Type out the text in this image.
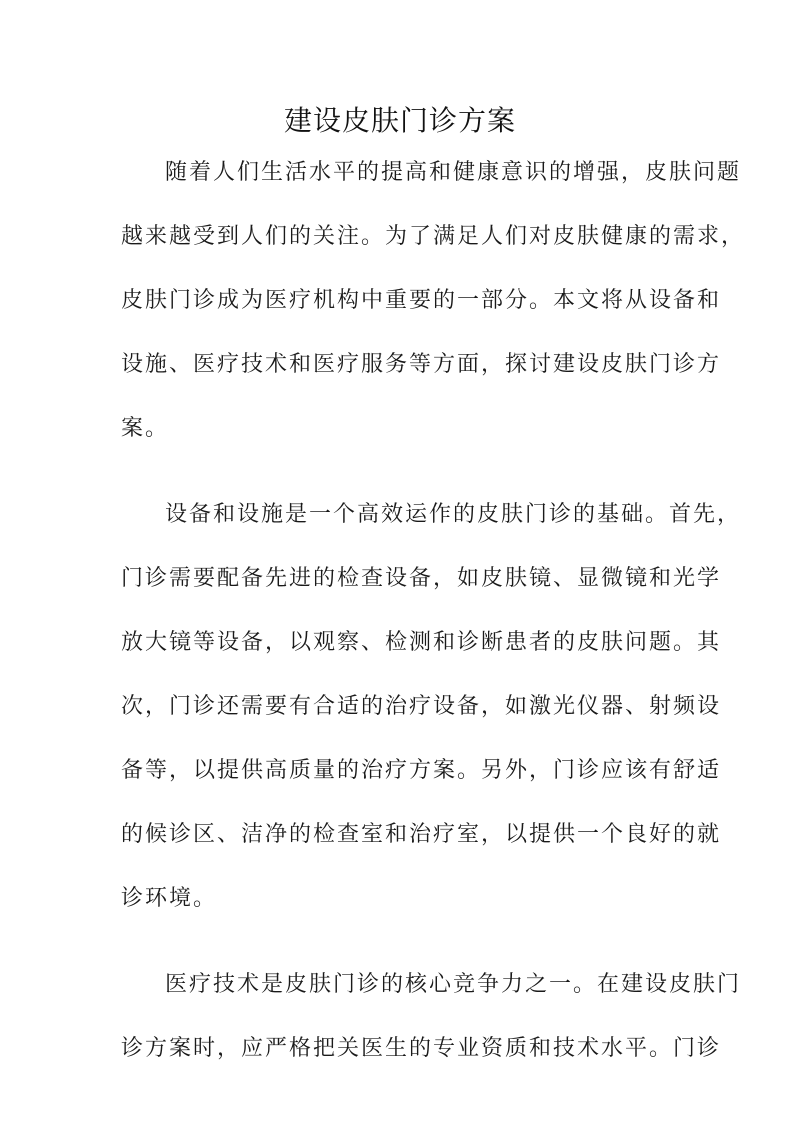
建设皮肤门诊方案
随着人们生活水平的提高和健康意识的增强，皮肤问题
越来越受到人们的关注。为了满足人们对皮肤健康的需求，
皮肤门诊成为医疗机构中重要的一部分。本文将从设备和
设施、医疗技术和医疗服务等方面，探讨建设皮肤门诊方
案。
设备和设施是一个高效运作的皮肤门诊的基础。首先，
门诊需要配备先进的检查设备，如皮肤镜、显微镜和光学
放大镜等设备，以观察、检测和诊断患者的皮肤问题。其
次，门诊还需要有合适的治疗设备，如激光仪器、射频设
备等，以提供高质量的治疗方案。另外，门诊应该有舒适
的候诊区、洁净的检查室和治疗室，以提供一个良好的就
诊环境。
医疗技术是皮肤门诊的核心竞争力之一。在建设皮肤门
诊方案时，应严格把关医生的专业资质和技术水平。门诊
